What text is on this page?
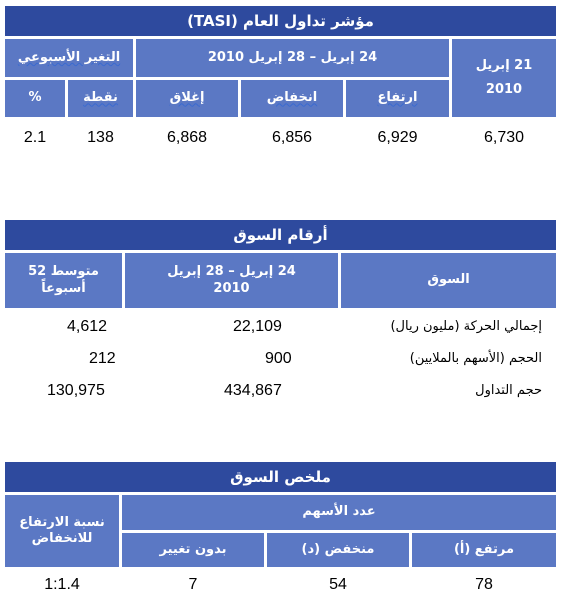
مؤشر تداول العام (TASI)
21 إبريل
2010
24 إبريل – 28 إبريل 2010
التغير الأسبوعي
ارتفاع
انخفاض
إغلاق
نقطة
%
6,730
6,929
6,856
6,868
138
2.1
أرقام السوق
السوق
24 إبريل – 28 إبريل
2010
متوسط 52 أسبوعاً
إجمالي الحركة (مليون ريال)
22,109
4,612
الحجم (الأسهم بالملايين)
900
212
حجم التداول
434,867
130,975
ملخص السوق
عدد الأسهم
نسبة الارتفاع
للانخفاض
مرتفع (أ)
منخفض (د)
بدون تغيير
78
54
7
1:1.4
